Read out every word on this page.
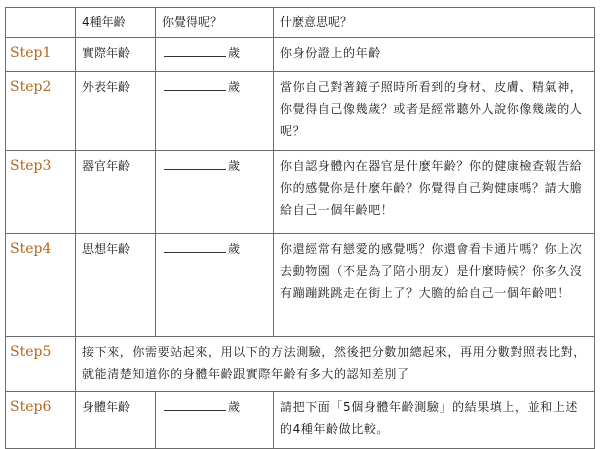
	4種年齡	你覺得呢？	什麼意思呢？
Step1	實際年齡	歲	你身份證上的年齡
Step2	外表年齡	歲	當你自己對著鏡子照時所看到的身材、皮膚、精氣神，你覺得自己像幾歲？或者是經常聽外人說你像幾歲的人呢？
Step3	器官年齡	歲	你自認身體內在器官是什麼年齡？你的健康檢查報告給你的感覺你是什麼年齡？你覺得自己夠健康嗎？請大膽給自己一個年齡吧！
Step4	思想年齡	歲	你還經常有戀愛的感覺嗎？你還會看卡通片嗎？你上次去動物園（不是為了陪小朋友）是什麼時候？你多久沒有蹦蹦跳跳走在街上了？大膽的給自己一個年齡吧！
Step5	接下來，你需要站起來，用以下的方法測驗，然後把分數加總起來，再用分數對照表比對，就能清楚知道你的身體年齡跟實際年齡有多大的認知差別了		
Step6	身體年齡	歲	請把下面「5個身體年齡測驗」的結果填上，並和上述的4種年齡做比較。
